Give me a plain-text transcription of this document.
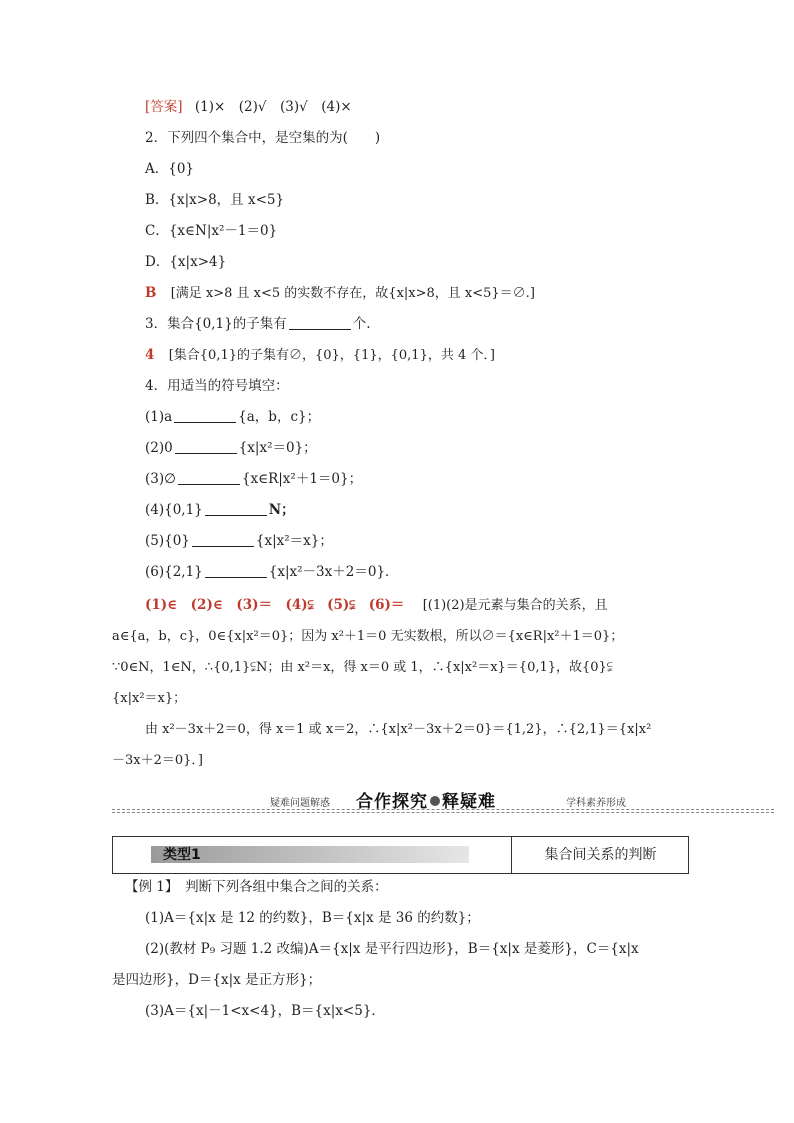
[答案] (1)×　(2)√　(3)√　(4)×
2．下列四个集合中，是空集的为(　　)
A．{0}
B．{x|x>8，且 x<5}
C．{x∈N|x²－1＝0}
D．{x|x>4}
B [满足 x>8 且 x<5 的实数不存在，故{x|x>8，且 x<5}＝∅.]
3．集合{0,1}的子集有	个.
4 [集合{0,1}的子集有∅，{0}，{1}，{0,1}，共 4 个．]
4．用适当的符号填空：
(1)a	{a，b，c}；
(2)0	{x|x²＝0}；
(3)∅	{x∈R|x²＋1＝0}；
(4){0,1}	N；
(5){0}	{x|x²＝x}；
(6){2,1}	{x|x²－3x＋2＝0}．
(1)∈　(2)∈　(3)＝　(4)⫋　(5)⫋　(6)＝ [(1)(2)是元素与集合的关系，且
a∈{a，b，c}，0∈{x|x²＝0}；因为 x²＋1＝0 无实数根，所以∅＝{x∈R|x²＋1＝0}；
∵0∈N，1∈N，∴{0,1}⫋N；由 x²＝x，得 x＝0 或 1，∴{x|x²＝x}＝{0,1}，故{0}⫋
{x|x²＝x}；
由 x²－3x＋2＝0，得 x＝1 或 x＝2，∴{x|x²－3x＋2＝0}＝{1,2}，∴{2,1}＝{x|x²
－3x＋2＝0}．]
疑难问题解惑 合作探究 释疑难	学科素养形成
类型1	集合间关系的判断
【例 1】　判断下列各组中集合之间的关系：
(1)A＝{x|x 是 12 的约数}，B＝{x|x 是 36 的约数}；
(2)(教材 P₉ 习题 1.2 改编)A＝{x|x 是平行四边形}，B＝{x|x 是菱形}，C＝{x|x
是四边形}，D＝{x|x 是正方形}；
(3)A＝{x|－1<x<4}，B＝{x|x<5}．
